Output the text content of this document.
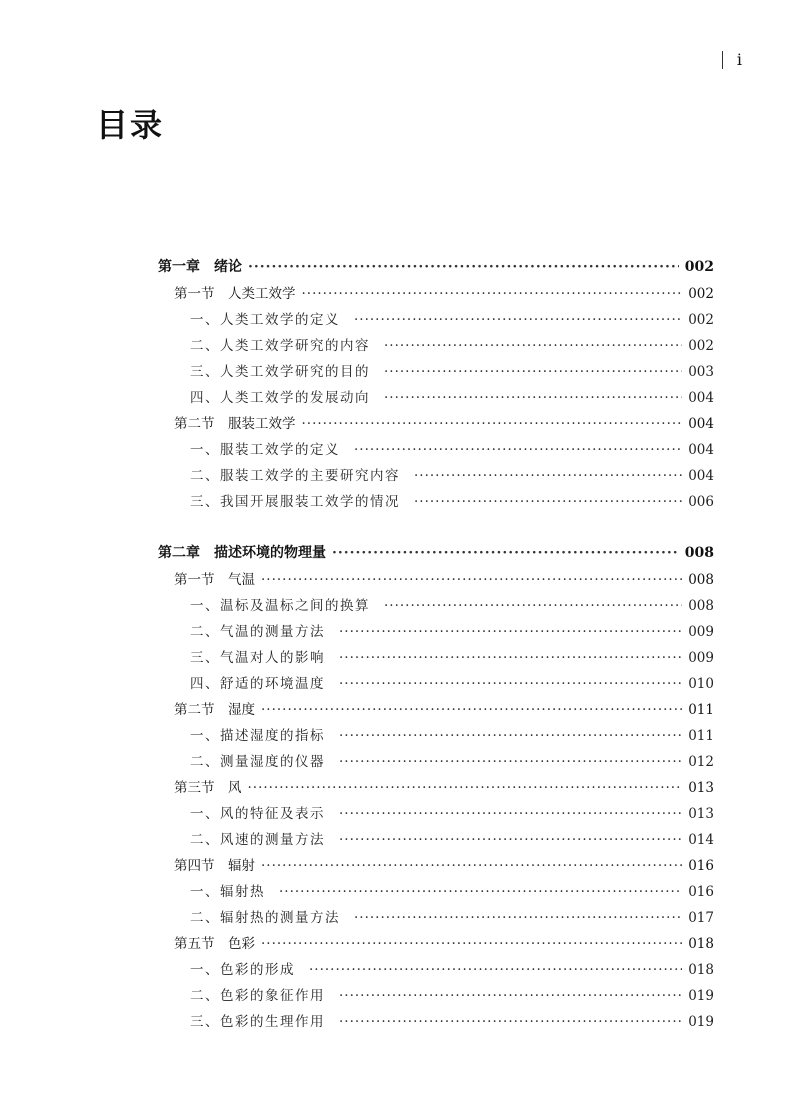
i
目录
第一章　绪论 ·····	002
第一节　人类工效学 ·····	002
一、人类工效学的定义 ·····	002
二、人类工效学研究的内容 ·····	002
三、人类工效学研究的目的 ·····	003
四、人类工效学的发展动向 ·····	004
第二节　服装工效学 ·····	004
一、服装工效学的定义 ·····	004
二、服装工效学的主要研究内容 ·····	004
三、我国开展服装工效学的情况 ·····	006
第二章　描述环境的物理量 ·····	008
第一节　气温 ·····	008
一、温标及温标之间的换算 ·····	008
二、气温的测量方法 ·····	009
三、气温对人的影响 ·····	009
四、舒适的环境温度 ·····	010
第二节　湿度 ·····	011
一、描述湿度的指标 ·····	011
二、测量湿度的仪器 ·····	012
第三节　风 ·····	013
一、风的特征及表示 ·····	013
二、风速的测量方法 ·····	014
第四节　辐射 ·····	016
一、辐射热 ·····	016
二、辐射热的测量方法 ·····	017
第五节　色彩 ·····	018
一、色彩的形成 ·····	018
二、色彩的象征作用 ·····	019
三、色彩的生理作用 ·····	019
